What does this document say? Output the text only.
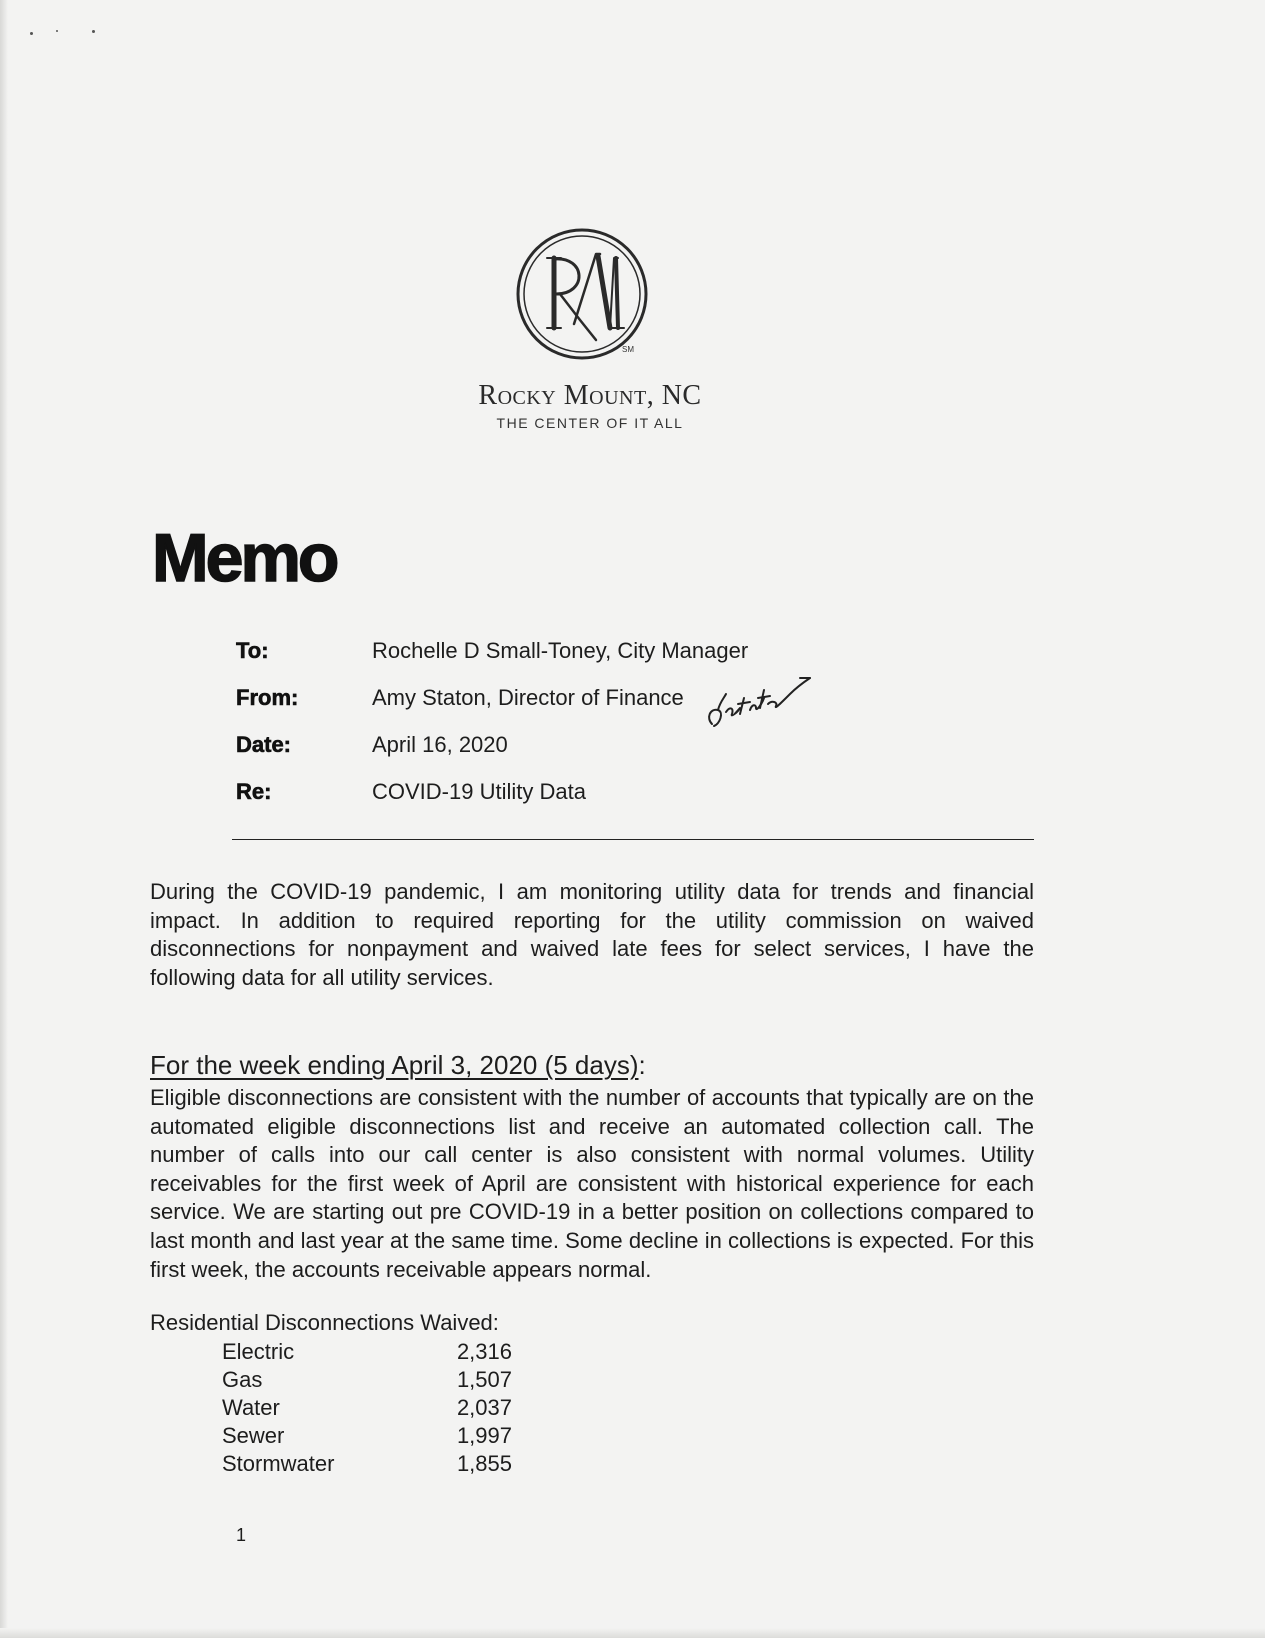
SM
Rocky Mount, NC
THE CENTER OF IT ALL
Memo
To:	Rochelle D Small-Toney, City Manager
From:	Amy Staton, Director of Finance
Date:	April 16, 2020
Re:	COVID-19 Utility Data

During the COVID-19 pandemic, I am monitoring utility data for trends and financial impact. In addition to required reporting for the utility commission on waived disconnections for nonpayment and waived late fees for select services, I have the following data for all utility services.

For the week ending April 3, 2020 (5 days):

Eligible disconnections are consistent with the number of accounts that typically are on the automated eligible disconnections list and receive an automated collection call. The number of calls into our call center is also consistent with normal volumes. Utility receivables for the first week of April are consistent with historical experience for each service. We are starting out pre COVID-19 in a better position on collections compared to last month and last year at the same time. Some decline in collections is expected. For this first week, the accounts receivable appears normal.

Residential Disconnections Waived:
Electric	2,316
Gas	1,507
Water	2,037
Sewer	1,997
Stormwater	1,855
1
